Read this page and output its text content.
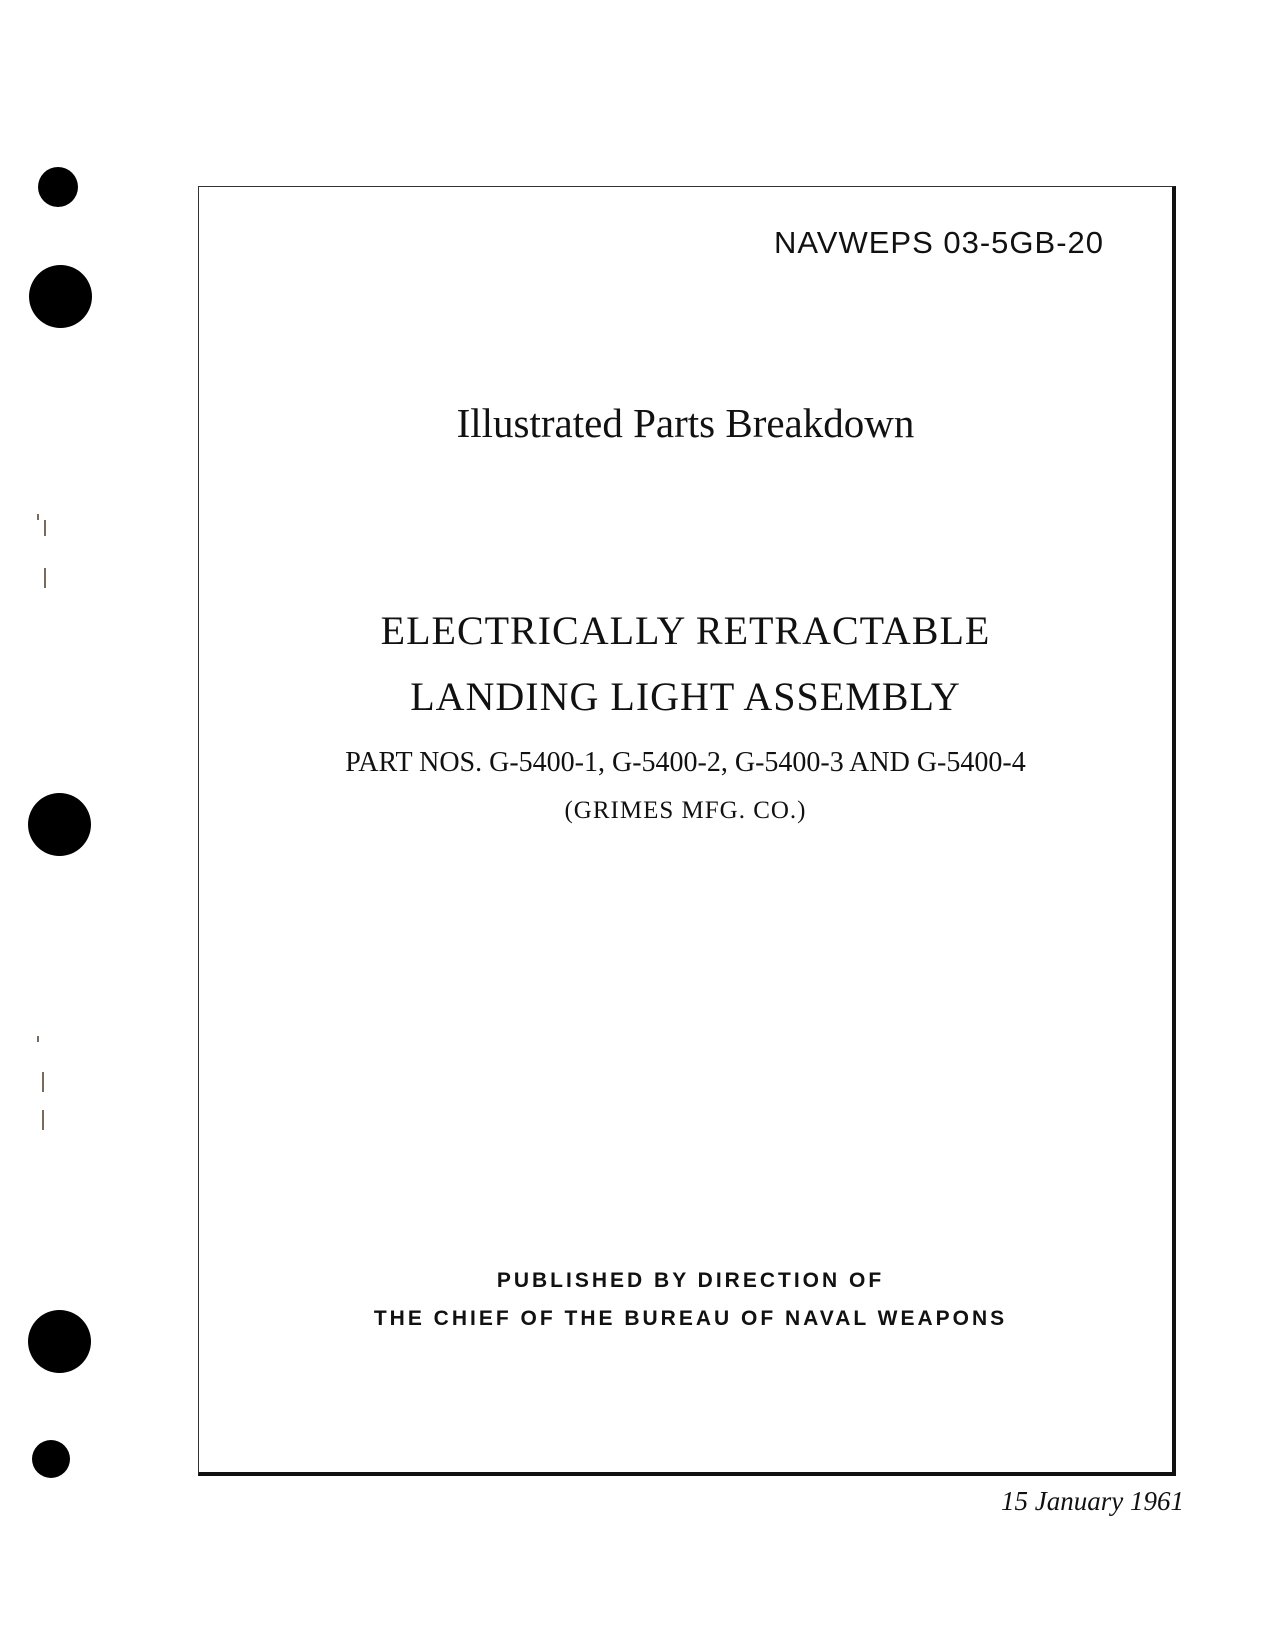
NAVWEPS 03-5GB-20
Illustrated Parts Breakdown
ELECTRICALLY RETRACTABLE
LANDING LIGHT ASSEMBLY
PART NOS. G-5400-1, G-5400-2, G-5400-3 AND G-5400-4
(GRIMES MFG. CO.)
PUBLISHED BY DIRECTION OF
THE CHIEF OF THE BUREAU OF NAVAL WEAPONS
15 January 1961
